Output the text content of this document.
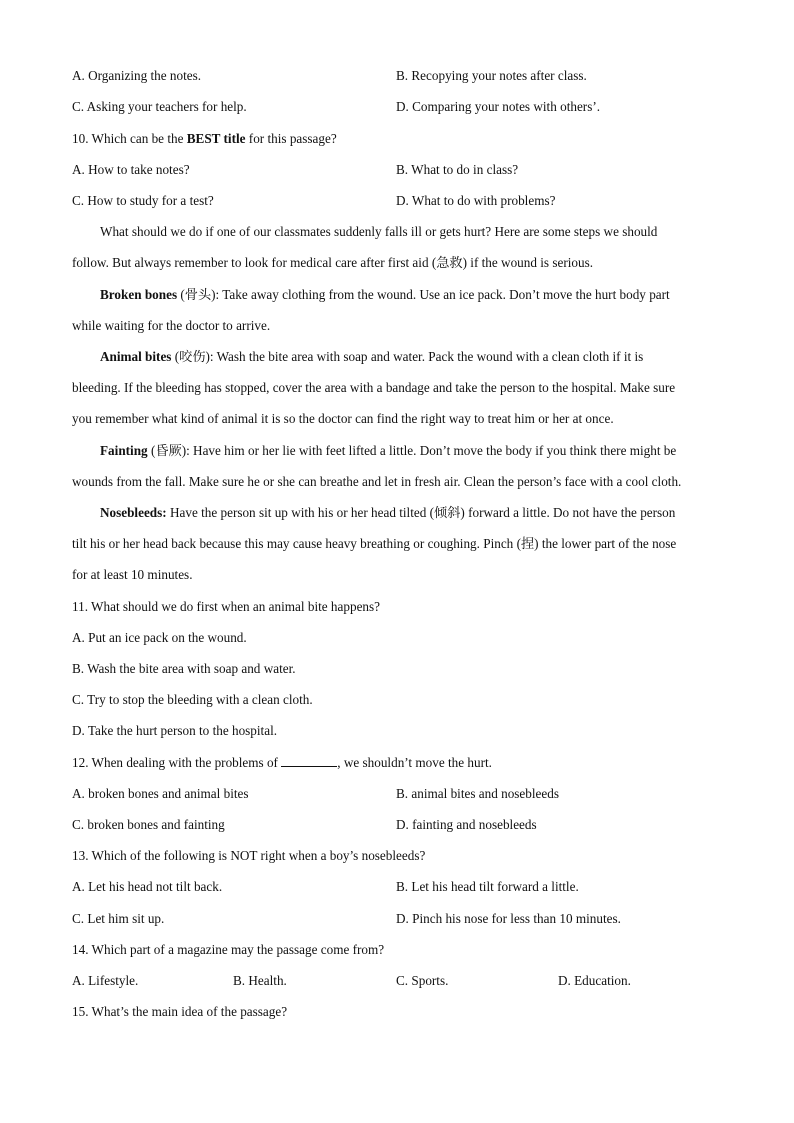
A. Organizing the notes.	B. Recopying your notes after class.
C. Asking your teachers for help.	D. Comparing your notes with others’.
10. Which can be the BEST title for this passage?
A. How to take notes?	B. What to do in class?
C. How to study for a test?	D. What to do with problems?
What should we do if one of our classmates suddenly falls ill or gets hurt? Here are some steps we should
follow. But always remember to look for medical care after first aid (急救) if the wound is serious.
Broken bones (骨头): Take away clothing from the wound. Use an ice pack. Don’t move the hurt body part
while waiting for the doctor to arrive.
Animal bites (咬伤): Wash the bite area with soap and water. Pack the wound with a clean cloth if it is
bleeding. If the bleeding has stopped, cover the area with a bandage and take the person to the hospital. Make sure
you remember what kind of animal it is so the doctor can find the right way to treat him or her at once.
Fainting (昏厥): Have him or her lie with feet lifted a little. Don’t move the body if you think there might be
wounds from the fall. Make sure he or she can breathe and let in fresh air. Clean the person’s face with a cool cloth.
Nosebleeds: Have the person sit up with his or her head tilted (倾斜) forward a little. Do not have the person
tilt his or her head back because this may cause heavy breathing or coughing. Pinch (捏) the lower part of the nose
for at least 10 minutes.
11. What should we do first when an animal bite happens?
A. Put an ice pack on the wound.
B. Wash the bite area with soap and water.
C. Try to stop the bleeding with a clean cloth.
D. Take the hurt person to the hospital.
12. When dealing with the problems of	, we shouldn’t move the hurt.
A. broken bones and animal bites	B. animal bites and nosebleeds
C. broken bones and fainting	D. fainting and nosebleeds
13. Which of the following is NOT right when a boy’s nosebleeds?
A. Let his head not tilt back.	B. Let his head tilt forward a little.
C. Let him sit up.	D. Pinch his nose for less than 10 minutes.
14. Which part of a magazine may the passage come from?
A. Lifestyle.	B. Health.	C. Sports.	D. Education.
15. What’s the main idea of the passage?
